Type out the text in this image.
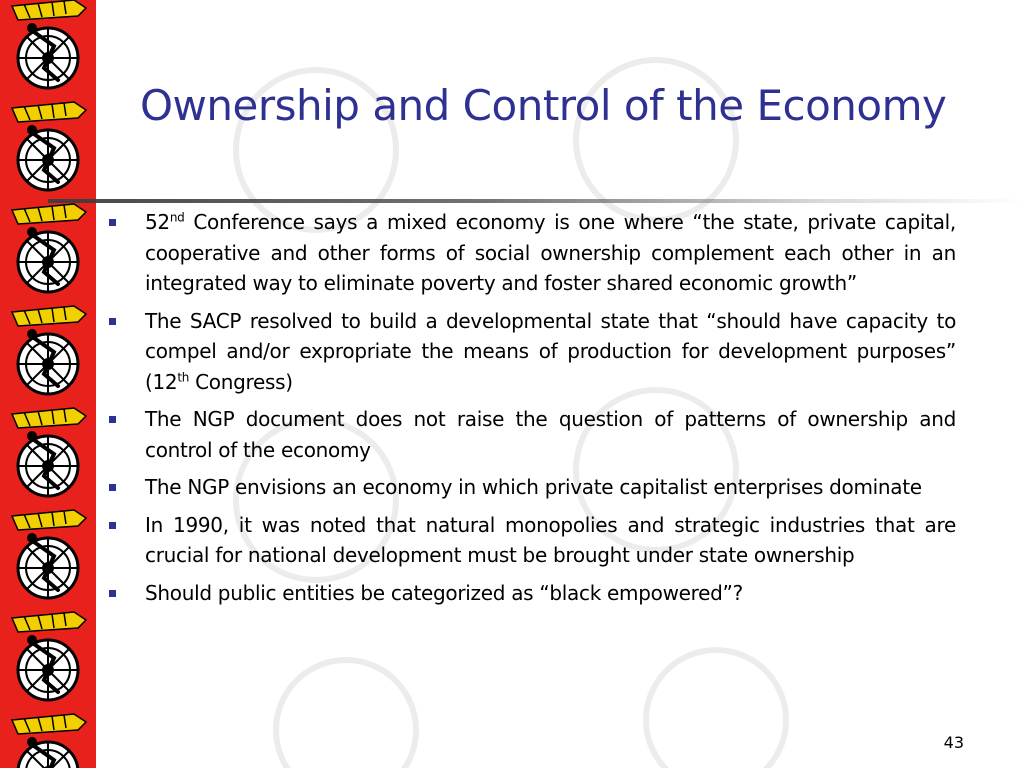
Ownership and Control of the Economy
52nd Conference says a mixed economy is one where “the state, private capital, cooperative and other forms of social ownership complement each other in an integrated way to eliminate poverty and foster shared economic growth”
The SACP resolved to build a developmental state that “should have capacity to compel and/or expropriate the means of production for development purposes” (12th Congress)
The NGP document does not raise the question of patterns of ownership and control of the economy
The NGP envisions an economy in which private capitalist enterprises dominate
In 1990, it was noted that natural monopolies and strategic industries that are crucial for national development must be brought under state ownership
Should public entities be categorized as “black empowered”?
43
